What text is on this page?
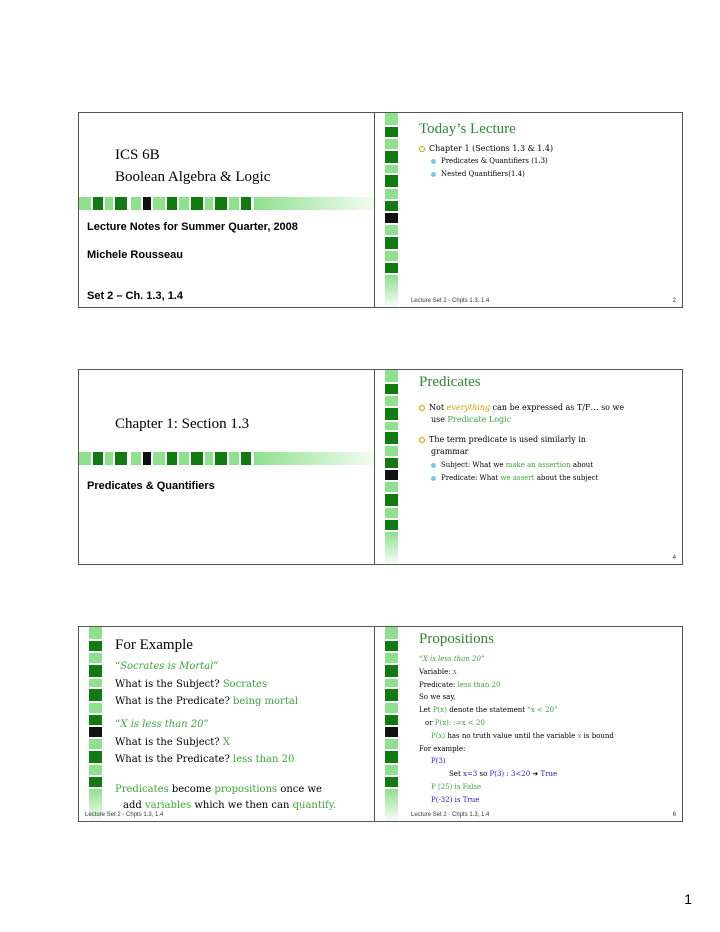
ICS 6B
Boolean Algebra & Logic
Lecture Notes for Summer Quarter, 2008
Michele Rousseau
Set 2 – Ch. 1.3, 1.4
Today’s Lecture
Chapter 1 (Sections 1.3 & 1.4)
Predicates & Quantifiers (1.3)
Nested Quantifiers(1.4)
Lecture Set 2 - Chpts 1.3, 1.4	2
Chapter 1: Section 1.3
Predicates & Quantifiers
Predicates
Not everything can be expressed as T/F… so we
use Predicate Logic
The term predicate is used similarly in
grammar
Subject: What we make an assertion about
Predicate: What we assert about the subject
4
For Example
“Socrates is Mortal”
What is the Subject? Socrates
What is the Predicate? being mortal
“X is less than 20”
What is the Subject? X
What is the Predicate? less than 20
Predicates become propositions once we
add variables which we then can quantify.
Lecture Set 2 - Chpts 1.3, 1.4
Propositions
“X is less than 20”
Variable: x
Predicate: less than 20
So we say,
Let P(x) denote the statement “x < 20”
or P(x): :=x < 20
P(x) has no truth value until the variable x is bound
For example:
P(3)
Set x=3 so P(3) : 3<20 ➔ True
P (25) is False
P(-32) is True
Lecture Set 2 - Chpts 1.3, 1.4	6
1
